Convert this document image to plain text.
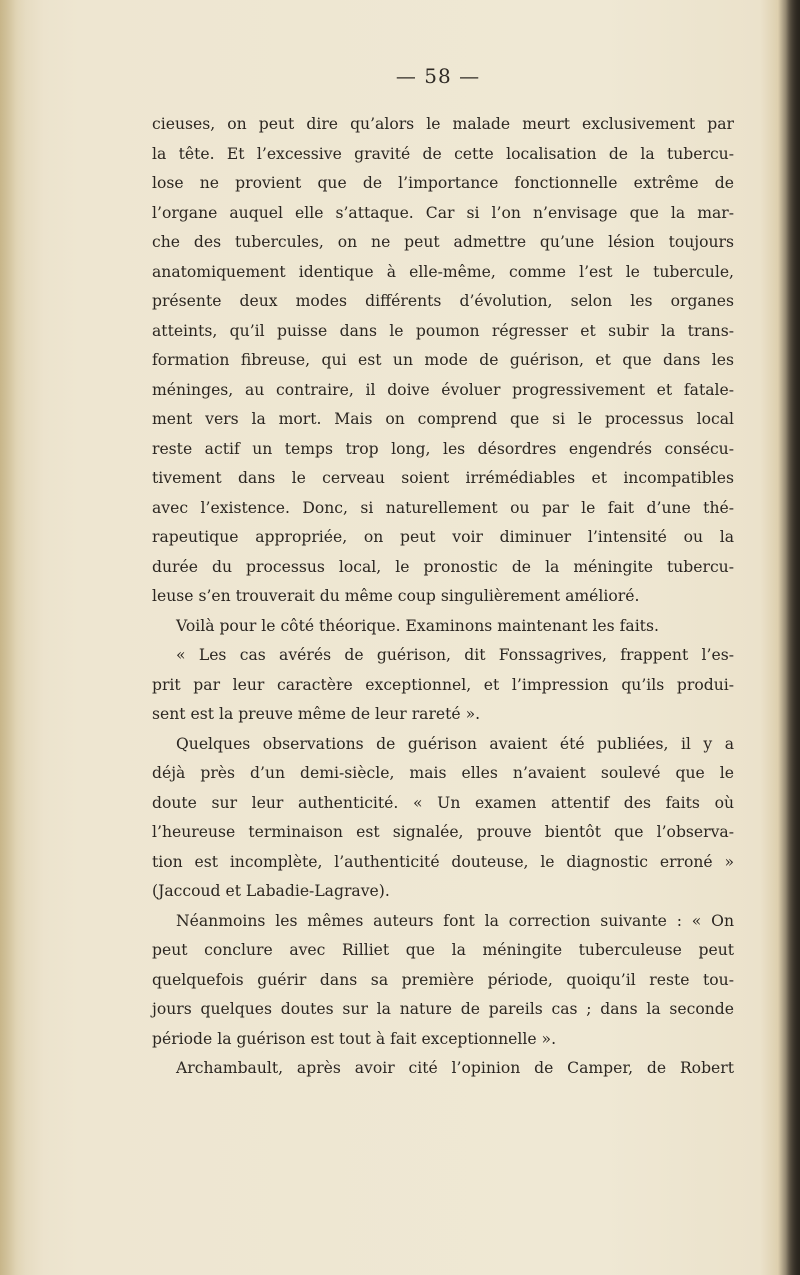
— 58 —
cieuses, on peut dire qu’alors le malade meurt exclusivement par
la tête. Et l’excessive gravité de cette localisation de la tubercu-
lose ne provient que de l’importance fonctionnelle extrême de
l’organe auquel elle s’attaque. Car si l’on n’envisage que la mar-
che des tubercules, on ne peut admettre qu’une lésion toujours
anatomiquement identique à elle-même, comme l’est le tubercule,
présente deux modes différents d’évolution, selon les organes
atteints, qu’il puisse dans le poumon régresser et subir la trans-
formation fibreuse, qui est un mode de guérison, et que dans les
méninges, au contraire, il doive évoluer progressivement et fatale-
ment vers la mort. Mais on comprend que si le processus local
reste actif un temps trop long, les désordres engendrés consécu-
tivement dans le cerveau soient irrémédiables et incompatibles
avec l’existence. Donc, si naturellement ou par le fait d’une thé-
rapeutique appropriée, on peut voir diminuer l’intensité ou la
durée du processus local, le pronostic de la méningite tubercu-
leuse s’en trouverait du même coup singulièrement amélioré.
Voilà pour le côté théorique. Examinons maintenant les faits.
« Les cas avérés de guérison, dit Fonssagrives, frappent l’es-
prit par leur caractère exceptionnel, et l’impression qu’ils produi-
sent est la preuve même de leur rareté ».
Quelques observations de guérison avaient été publiées, il y a
déjà près d’un demi-siècle, mais elles n’avaient soulevé que le
doute sur leur authenticité. « Un examen attentif des faits où
l’heureuse terminaison est signalée, prouve bientôt que l’observa-
tion est incomplète, l’authenticité douteuse, le diagnostic erroné »
(Jaccoud et Labadie-Lagrave).
Néanmoins les mêmes auteurs font la correction suivante : « On
peut conclure avec Rilliet que la méningite tuberculeuse peut
quelquefois guérir dans sa première période, quoiqu’il reste tou-
jours quelques doutes sur la nature de pareils cas ; dans la seconde
période la guérison est tout à fait exceptionnelle ».
Archambault, après avoir cité l’opinion de Camper, de Robert
